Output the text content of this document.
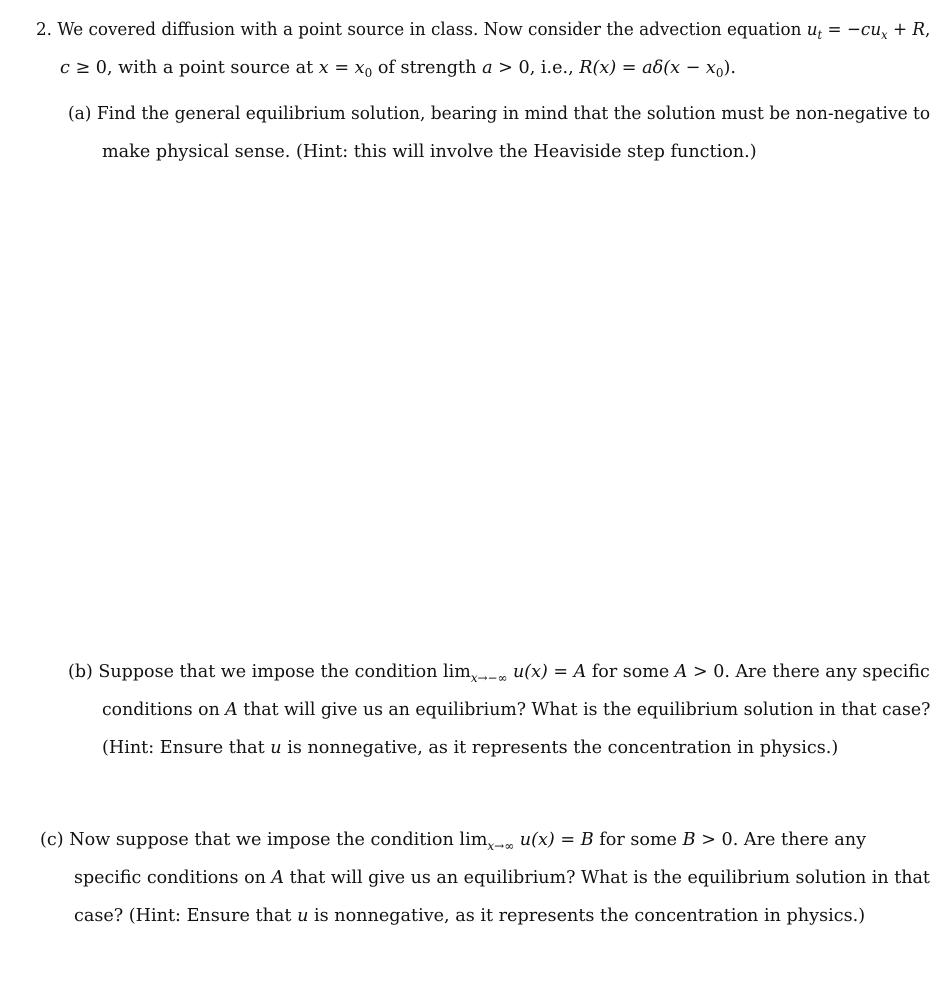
2. We covered diffusion with a point source in class. Now consider the advection equation $u_t = -cu_x + R$,
c ≥ 0, with a point source at $x = x_0$ of strength a > 0, i.e., $R(x) = a\delta(x - x_0)$.
(a) Find the general equilibrium solution, bearing in mind that the solution must be non-negative to
make physical sense. (Hint: this will involve the Heaviside step function.)
(b) Suppose that we impose the condition $\lim_{x\to-\infty} u(x) = A$ for some A > 0. Are there any specific
conditions on A that will give us an equilibrium? What is the equilibrium solution in that case?
(Hint: Ensure that u is nonnegative, as it represents the concentration in physics.)
(c) Now suppose that we impose the condition $\lim_{x\to\infty} u(x) = B$ for some B > 0. Are there any
specific conditions on A that will give us an equilibrium? What is the equilibrium solution in that
case? (Hint: Ensure that u is nonnegative, as it represents the concentration in physics.)
